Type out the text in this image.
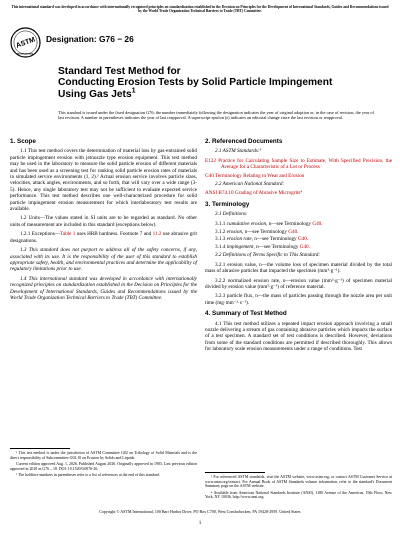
This international standard was developed in accordance with internationally recognized principles on standardization established in the Decision on Principles for the Development of International Standards, Guides and Recommendations issued by the World Trade Organization Technical Barriers to Trade (TBT) Committee.
ASTM
INTERNATIONAL
Designation: G76 − 26
Standard Test Method for
Conducting Erosion Tests by Solid Particle Impingement
Using Gas Jets$^1$
This standard is issued under the fixed designation G76; the number immediately following the designation indicates the year of original adoption or, in the case of revision, the year of last revision. A number in parentheses indicates the year of last reapproval. A superscript epsilon (ε) indicates an editorial change since the last revision or reapproval.
1. Scope

1.1 This test method covers the determination of material loss by gas-entrained solid particle impingement erosion with jetnozzle type erosion equipment. This test method may be used in the laboratory to measure the solid particle erosion of different materials and has been used as a screening test for ranking solid particle erosion rates of materials in simulated service environments (1, 2).² Actual erosion service involves particle sizes, velocities, attack angles, environments, and so forth, that will vary over a wide range (3-5). Hence, any single laboratory test may not be sufficient to evaluate expected service performance. This test method describes one well-characterized procedure for solid particle impingement erosion measurement for which interlaboratory test results are available.

1.2 Units—The values stated in SI units are to be regarded as standard. No other units of measurement are included in this standard (exceptions below).

1.2.1 Exceptions—Table 1 uses HRB hardness. Footnote 7 and 11.2 use abrasive grit designations.

1.3 This standard does not purport to address all of the safety concerns, if any, associated with its use. It is the responsibility of the user of this standard to establish appropriate safety, health, and environmental practices and determine the applicability of regulatory limitations prior to use.

1.4 This international standard was developed in accordance with internationally recognized principles on standardization established in the Decision on Principles for the Development of International Standards, Guides and Recommendations issued by the World Trade Organization Technical Barriers to Trade (TBT) Committee.

2. Referenced Documents

2.1 ASTM Standards:³

E122 Practice for Calculating Sample Size to Estimate, With Specified Precision, the Average for a Characteristic of a Lot or Process

G40 Terminology Relating to Wear and Erosion

2.2 American National Standard:

ANSI B74.10 Grading of Abrasive Microgrits⁴

3. Terminology

3.1 Definitions:

3.1.1 cumulative erosion, n—see Terminology G40.

3.1.2 erosion, n—see Terminology G40.

3.1.3 erosion rate, n—see Terminology G40.

3.1.4 impingement, n—see Terminology G40.

3.2 Definitions of Terms Specific to This Standard:

3.2.1 erosion value, n—the volume loss of specimen material divided by the total mass of abrasive particles that impacted the specimen (mm³·g⁻¹).

3.2.2 normalized erosion rate, n—erosion value (mm³·g⁻¹) of specimen material divided by erosion value (mm³·g⁻¹) of reference material.

3.2.3 particle flux, n—the mass of particles passing through the nozzle area per unit time (mg·mm⁻²·s⁻¹).

4. Summary of Test Method

4.1 This test method utilizes a repeated impact erosion approach involving a small nozzle delivering a stream of gas containing abrasive particles which impacts the surface of a test specimen. A standard set of test conditions is described. However, deviations from some of the standard conditions are permitted if described thoroughly. This allows for laboratory scale erosion measurements under a range of conditions. Test

¹ This test method is under the jurisdiction of ASTM Committee G02 on Tribology of Solid Materials and is the direct responsibility of Subcommittee G02.10 on Erosion by Solids and Liquids.

Current edition approved Aug. 1, 2026. Published August 2026. Originally approved in 1983. Last previous edition approved in 2018 as G76 – 18. DOI: 10.1520/G0076-26.

² The boldface numbers in parentheses refer to a list of references at the end of this standard.

³ For referenced ASTM standards, visit the ASTM website, www.astm.org, or contact ASTM Customer Service at www.astm.org/contact. For Annual Book of ASTM Standards volume information, refer to the standard's Document Summary page on the ASTM website.

⁴ Available from American National Standards Institute (ANSI), 1180 Avenue of the Americas, 19th Floor, New York, NY 10036, http://www.ansi.org.

Copyright © ASTM International, 100 Barr Harbor Drive, PO Box C700, West Conshohocken, PA 19428-2959. United States
1
